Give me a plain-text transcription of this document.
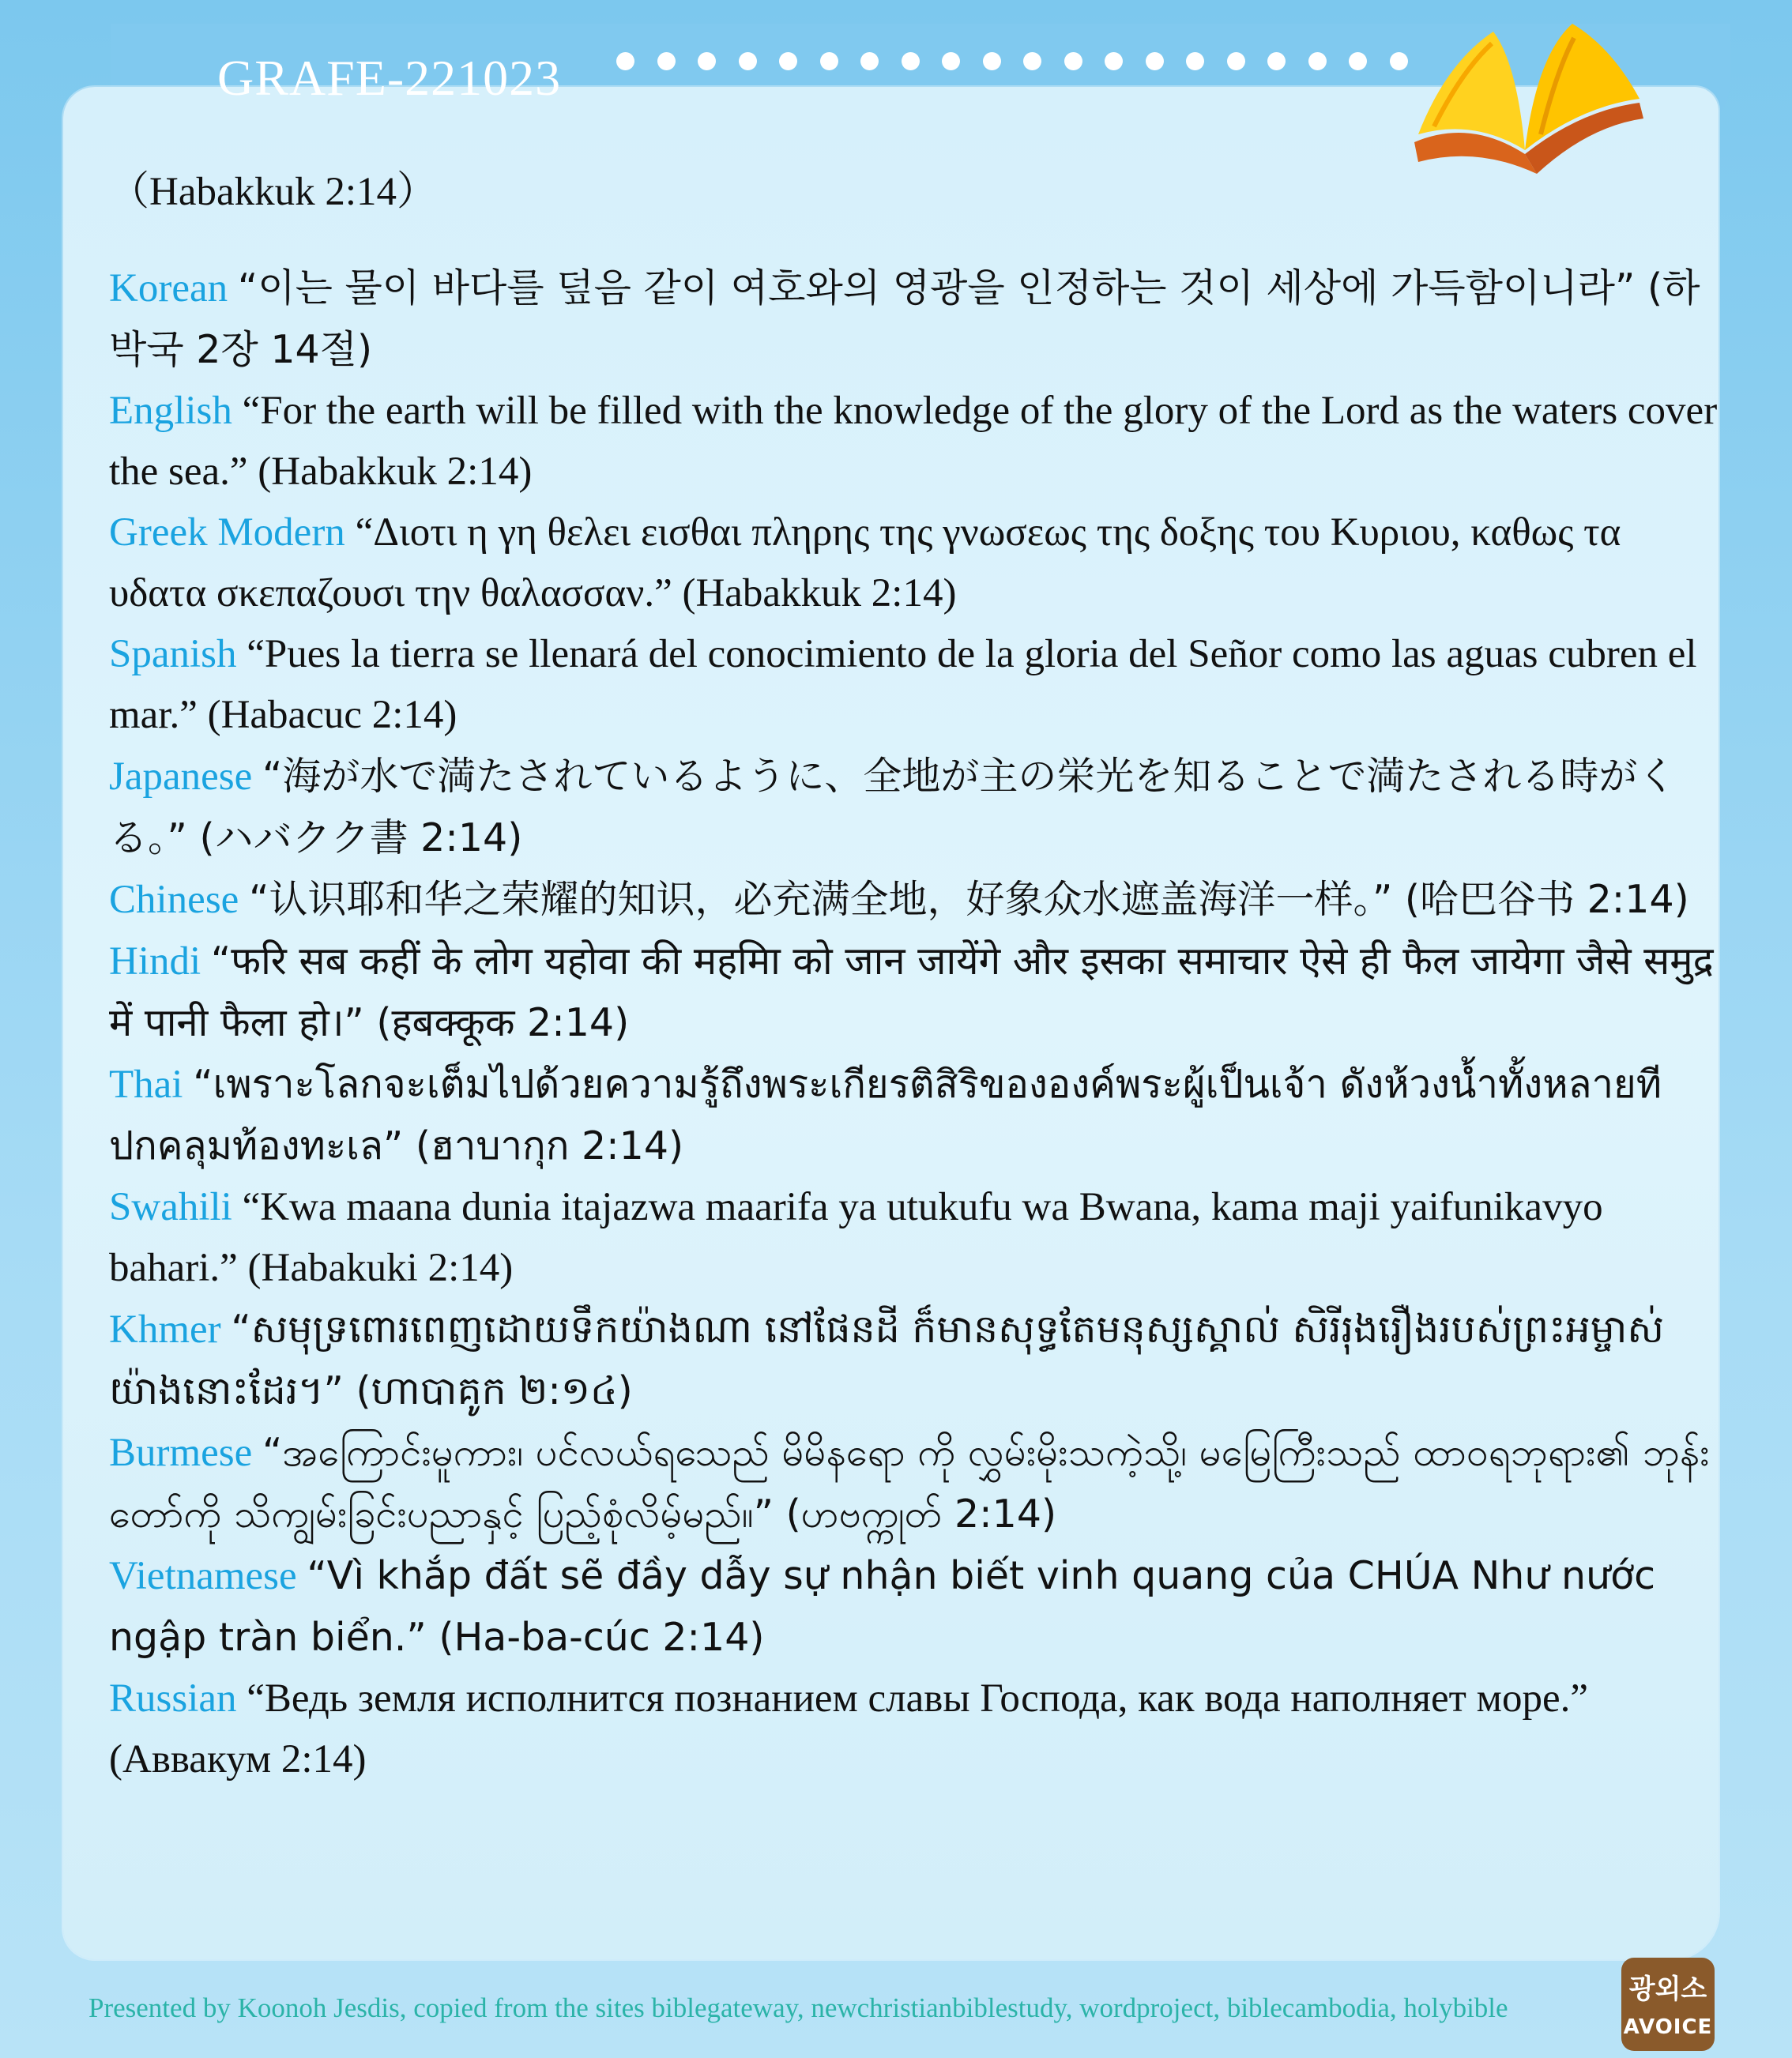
GRAFE-221023

（Habakkuk 2:14）

Korean “이는 물이 바다를 덮음 같이 여호와의 영광을 인정하는 것이 세상에 가득함이니라” (하박국 2장 14절)

English “For the earth will be filled with the knowledge of the glory of the Lord as the waters cover the sea.” (Habakkuk 2:14)

Greek Modern “Διοτι η γη θελει εισθαι πληρης της γνωσεως της δοξης του Κυριου, καθως τα υδατα σκεπαζουσι την θαλασσαν.” (Habakkuk 2:14)

Spanish “Pues la tierra se llenará del conocimiento de la gloria del Señor como las aguas cubren el mar.” (Habacuc 2:14)

Japanese “海が水で満たされているように、全地が主の栄光を知ることで満たされる時がくる。” (ハバクク書 2:14)

Chinese “认识耶和华之荣耀的知识，必充满全地，好象众水遮盖海洋一样。” (哈巴谷书 2:14)

Hindi “फरि सब कहीं के लोग यहोवा की महमिा को जान जायेंगे और इसका समाचार ऐसे ही फैल जायेगा जैसे समुद्र में पानी फैला हो।” (हबक्कूक 2:14)

Thai “เพราะโลกจะเต็มไปด้วยความรู้ถึงพระเกียรติสิริขององค์พระผู้เป็นเจ้า ดังห้วงน้ำทั้งหลายทีปกคลุมท้องทะเล” (ฮาบากุก 2:14)

Swahili “Kwa maana dunia itajazwa maarifa ya utukufu wa Bwana, kama maji yaifunikavyo bahari.” (Habakuki 2:14)

Khmer “សមុទ្រពោរពេញដោយទឹកយ៉ាងណា នៅផែនដី ក៏មានសុទ្ធតែមនុស្សស្គាល់ សិរីរុងរឿងរបស់ព្រះអម្ចាស់យ៉ាងនោះដែរ។” (ហាបាគូក ២:១៤)

Burmese “အကြောင်းမူကား၊ ပင်လယ်ရသေည် မိမိနရော ကို လွှမ်းမိုးသကဲ့သို့၊ မမြေကြီးသည် ထာဝရဘုရား၏ ဘုန်း တော်ကို သိကျွမ်းခြင်းပညာနှင့် ပြည့်စုံလိမ့်မည်။” (ဟဗက္ကုတ် 2:14)

Vietnamese “Vì khắp đất sẽ đầy dẫy sự nhận biết vinh quang của CHÚA Như nước ngập tràn biển.” (Ha-ba-cúc 2:14)

Russian “Ведь земля исполнится познанием славы Господа, как вода наполняет море.” (Аввакум 2:14)

Presented by Koonoh Jesdis, copied from the sites biblegateway, newchristianbiblestudy, wordproject, biblecambodia, holybible
광외소
AVOICE
